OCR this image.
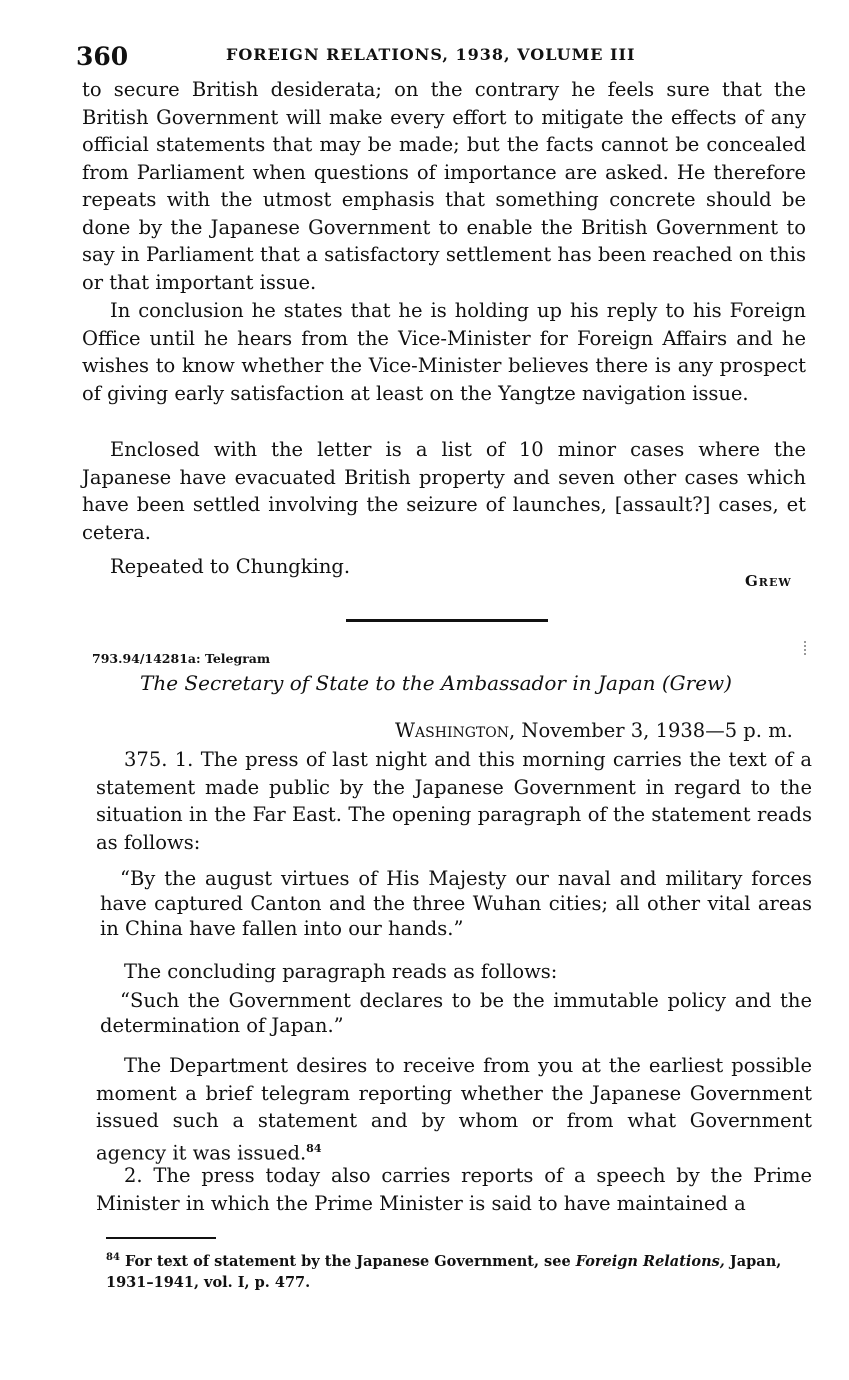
360	FOREIGN RELATIONS, 1938, VOLUME III

to secure British desiderata; on the contrary he feels sure that the British Government will make every effort to mitigate the effects of any official statements that may be made; but the facts cannot be concealed from Parliament when questions of importance are asked. He therefore repeats with the utmost emphasis that something concrete should be done by the Japanese Government to enable the British Government to say in Parliament that a satisfactory settlement has been reached on this or that important issue.

In conclusion he states that he is holding up his reply to his Foreign Office until he hears from the Vice-Minister for Foreign Affairs and he wishes to know whether the Vice-Minister believes there is any prospect of giving early satisfaction at least on the Yangtze navigation issue.

Enclosed with the letter is a list of 10 minor cases where the Japanese have evacuated British property and seven other cases which have been settled involving the seizure of launches, [assault?] cases, et cetera.

Repeated to Chungking.

Grew
793.94/14281a: Telegram
The Secretary of State to the Ambassador in Japan (Grew)
Washington, November 3, 1938—5 p. m.

375. 1. The press of last night and this morning carries the text of a statement made public by the Japanese Government in regard to the situation in the Far East. The opening paragraph of the statement reads as follows:

“By the august virtues of His Majesty our naval and military forces have captured Canton and the three Wuhan cities; all other vital areas in China have fallen into our hands.”

The concluding paragraph reads as follows:

“Such the Government declares to be the immutable policy and the determination of Japan.”

The Department desires to receive from you at the earliest possible moment a brief telegram reporting whether the Japanese Government issued such a statement and by whom or from what Government agency it was issued.$^{84}$

2. The press today also carries reports of a speech by the Prime Minister in which the Prime Minister is said to have maintained a

$^{84}$ For text of statement by the Japanese Government, see Foreign Relations, Japan, 1931–1941, vol. I, p. 477.
